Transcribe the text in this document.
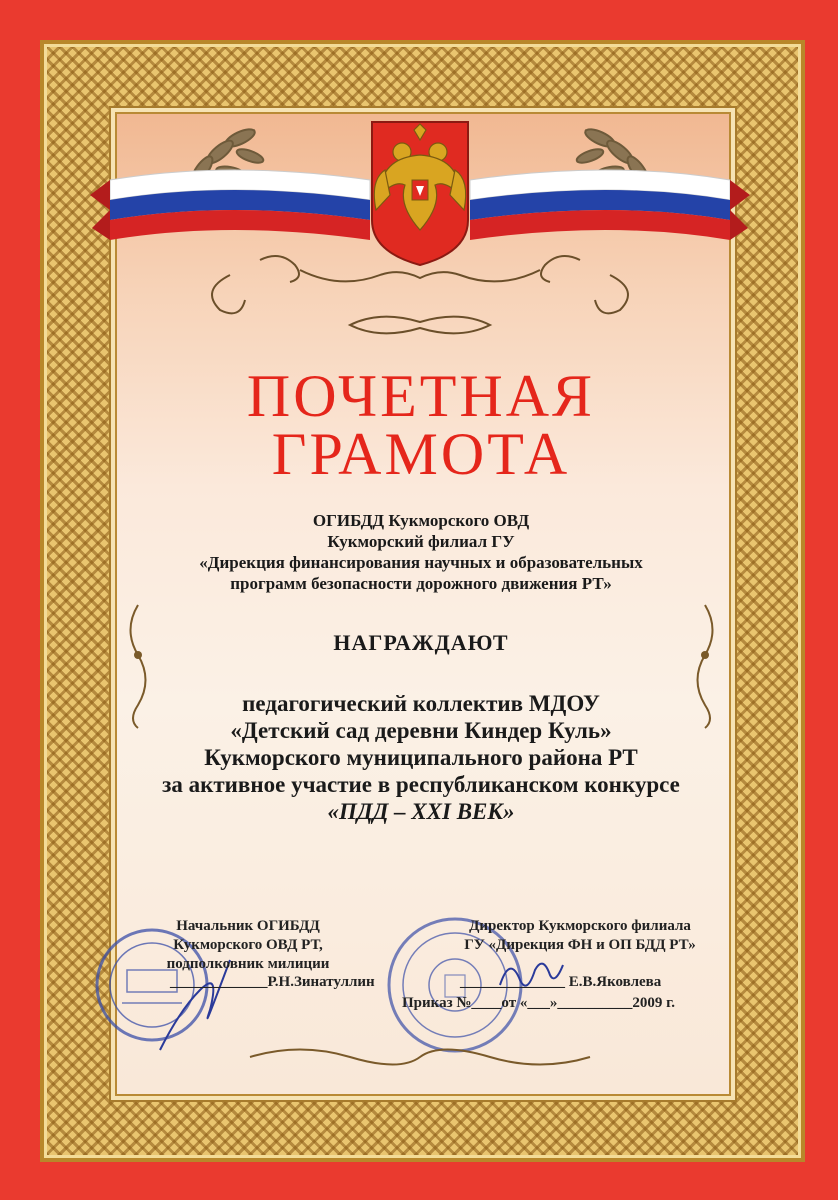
ПОЧЕТНАЯ
ГРАМОТА
ОГИБДД Кукморского ОВД
Кукморский филиал ГУ
«Дирекция финансирования научных и образовательных
программ безопасности дорожного движения РТ»
НАГРАЖДАЮТ
педагогический коллектив МДОУ
«Детский сад деревни Киндер Куль»
Кукморского муниципального района РТ
за активное участие в республиканском конкурсе
«ПДД – XXI ВЕК»
Начальник ОГИБДД
Кукморского ОВД РТ,
подполковник милиции
_____________Р.Н.Зинатуллин
Директор Кукморского филиала
ГУ «Дирекция ФН и ОП БДД РТ»
______________ Е.В.Яковлева
Приказ №____от «___»__________2009 г.
